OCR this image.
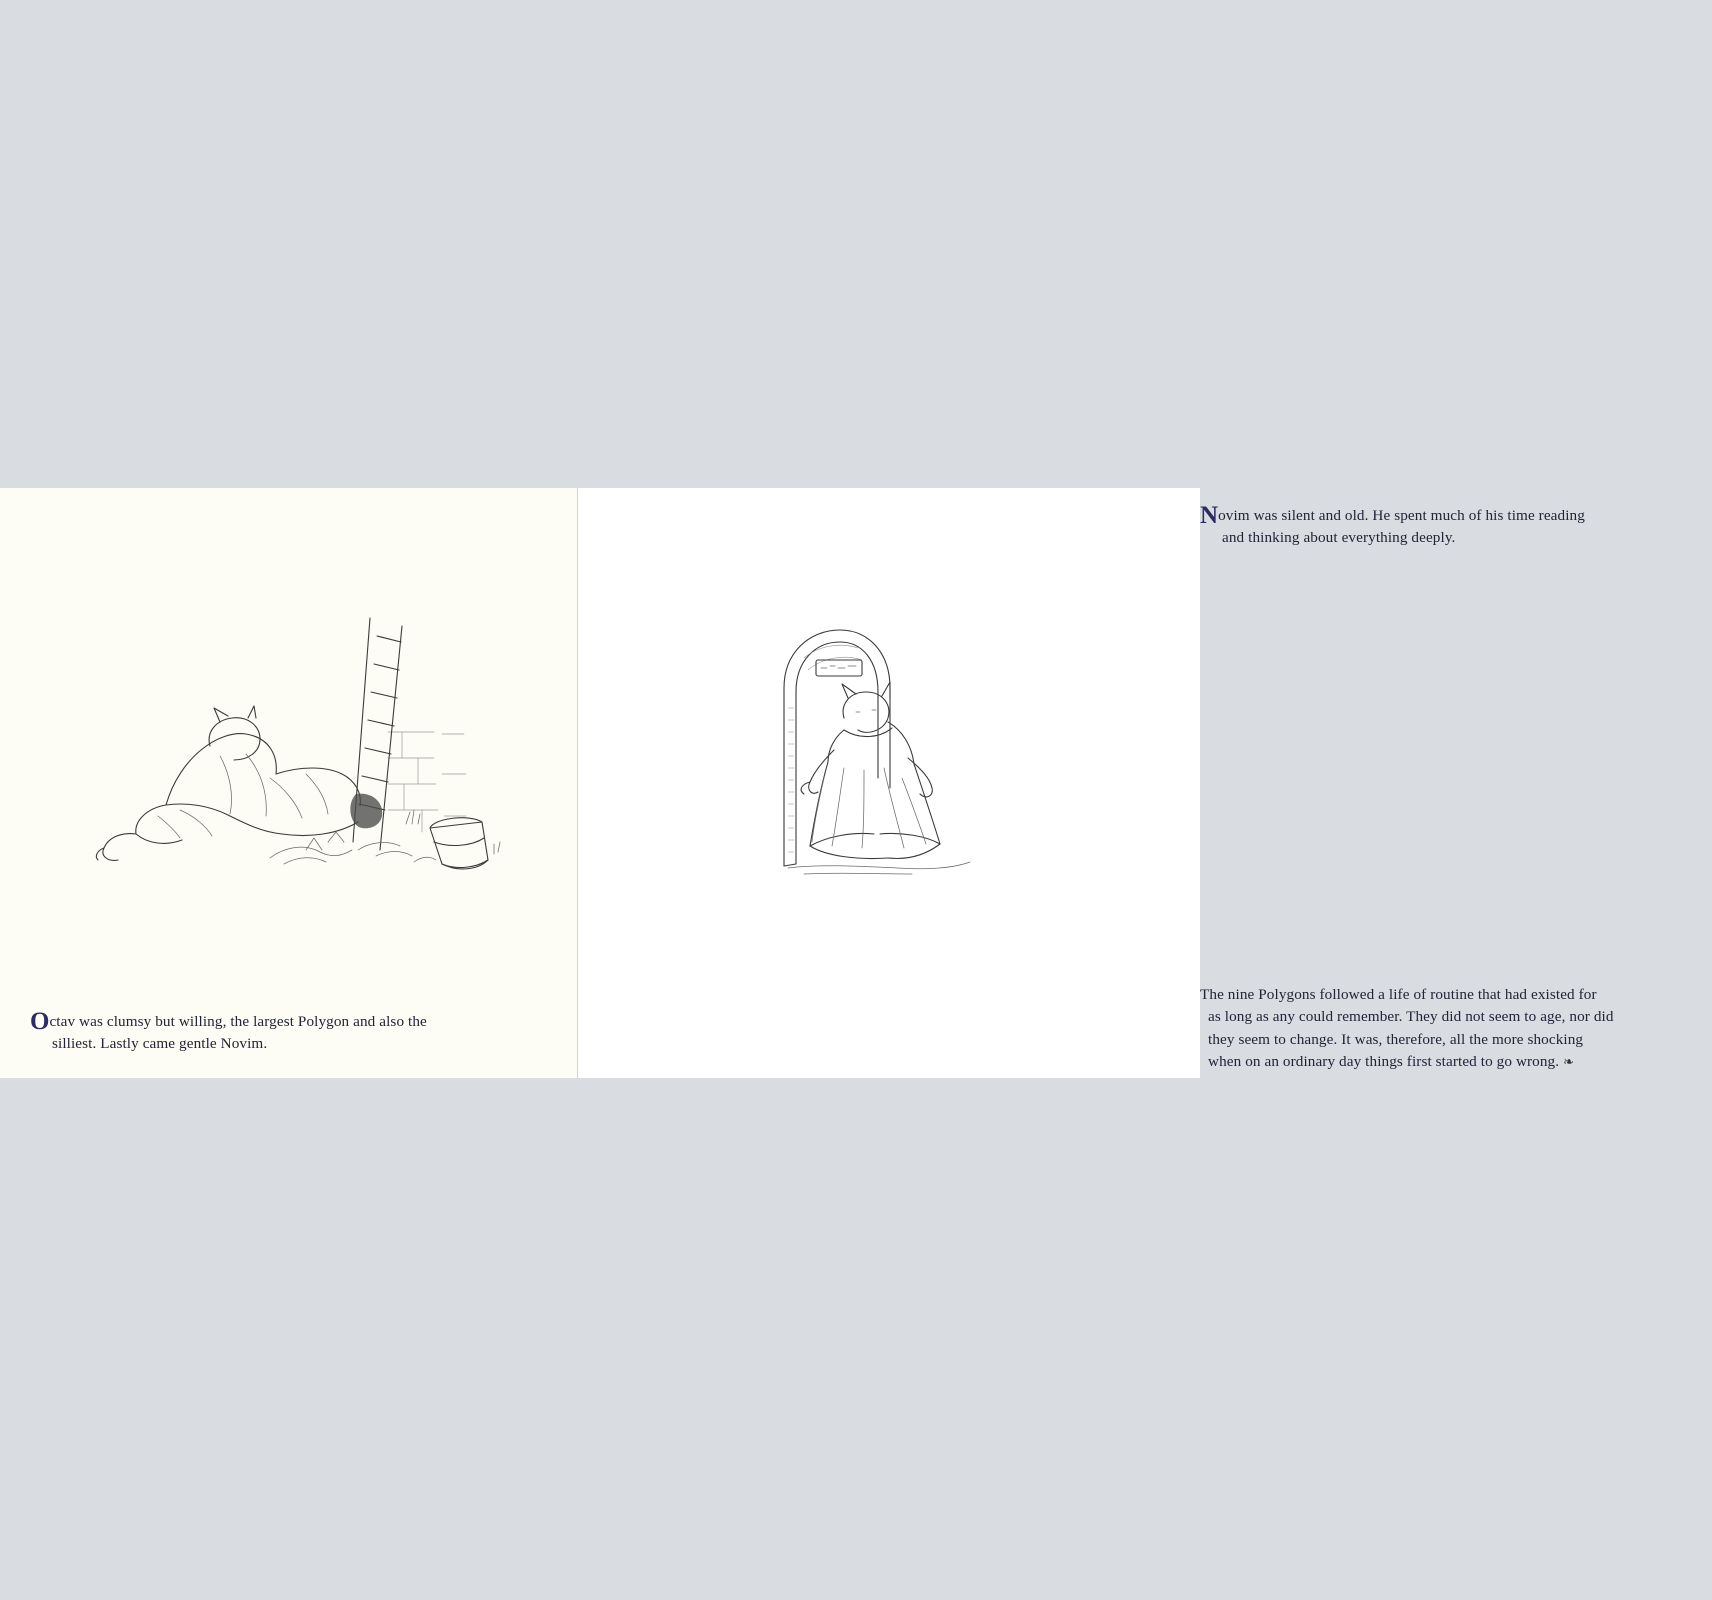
Octav was clumsy but willing, the largest Polygon and also the
silliest. Lastly came gentle Novim.
Novim was silent and old. He spent much of his time reading
and thinking about everything deeply.

The nine Polygons followed a life of routine that had existed for

as long as any could remember. They did not seem to age, nor did

they seem to change. It was, therefore, all the more shocking

when on an ordinary day things first started to go wrong. ❧
